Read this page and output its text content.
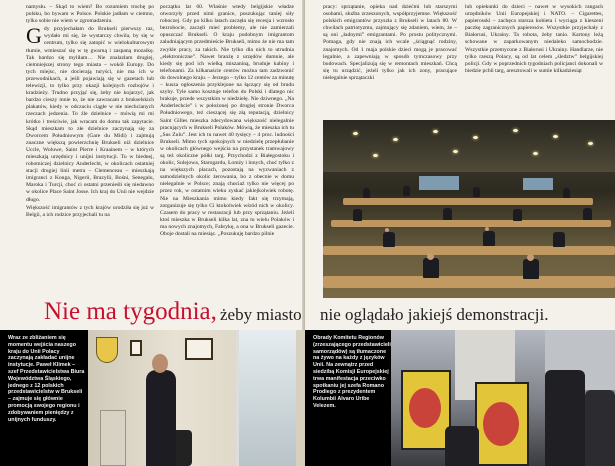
namysłu. – Skąd to wiem? Bo rozumiem trochę po polsku, bo bywam w Polsce. Polskie jadłam w ciemno, tylko sobie nie wiem w zgromadzeniu.

Gdy przyjechałam do Brukseli pierwszy raz, wydało mi się, że wystarczy chwila, by się w centrum, tylko się zatopić w wielokulturowym tłumie, wmieszać się w tę gwarną i zaspaną mozaikę. Tak bardzo się myliłam… Nie znalazłam drugiej, ciemniejszej strony tego miasta – wokół Europy. Do tych miejsc, nie docierają turyści, nie ma ich w przewodnikach, a jeśli pojawiają się w gazetach lub telewizji, to tylko przy okazji kolejnych rozbojów i kradzieży. Trudno przyjąć się, żeby nie kojarzyć, jak bardzo cieszy mnie to, że nie zawracam z brukselskich plakatów, kiedy w odczuciu ciągłe w nie niechcianych rzeczach jedzenia. To źle dzielnice – mówią mi mi krótko i treściwie, jak wracam do domu tak zapytacie. Skąd mieszkam to złe dzielnice zaczynają się za Dworcem Południowym (Gare du Midi) i zajmują znaczne większą powierzchnię Brukseli niż dzielnice Uccle, Woluwe, Saint Pierre i Kraainem – w których mieszkają urzędnicy i unijni instytucji. Tu w biednej, robotniczej dzielnicy Anderlecht, w okolicach ostatniej stacji drugiej linii metra – Clemenceau – mieszkają imigranci z Konga, Nigerii, Brazylii, Bośni, Senegalu, Maroka i Turcji, choć ci ostatni przenieśli się niedawno w okolice Place Saint Josse. Ich kraj do Unii nie wejdzie długo.

Większość imigrantów z tych krajów urodziła się już w Belgii, a ich rodzice przyjechali tu na

początku lat 60. Właśnie wtedy belgijskie władze otworzyły przed nimi granice, poszukując taniej siły roboczej. Gdy po kilku latach zaczęła się recesja i wzrosło bezrobocie, zaczęli mieć problemy, ale nie zamierzali opuszczać Brukseli. O kraju podobnym imigrantom zaludniającym przedmieście Brukseli, mimo że nie ma tam zwykle pracy, za takich. Nie tylko dla nich to utrudnia „elektroniczne”. Nawet branżę z urzędów dumnie, ale kiedy się pod ich wielką miszaniną, bruduje kabiny i telefonami. Za kilkanaście centów można tam zadzwonić do dowolnego kraju. – Jerzego – tylko 12 centów za minutę – kusza ogłoszenia przyklejone na łączący się od brudu szyby. Tyle samo kosztuje telefon do Polski i dlatego nic brakuje, przede wszystkim w niedzielę. Nie dziwnego. „Na Anderlechcie” i w położonej po drugiej stronie Dworca Południowego, też cieszącej się złą reputacją, dzielnicy Saint Gilles mieszka zdecydowana większość nielegalnie pracujących w Brukseli Polaków. Mówią, że mieszka ich tu „Sus Zulu”. Jest ich tu nawet 40 tysięcy – 4 proc. ludności Brukseli. Mimo tych spokojnych w niedzielę przepłubanie w okolicach głównego wejścia na przystanek tramwajowy są też okoliczne półki targ. Przychodzi z Białegostoku i okolic, Sulejowa, Starogardu, Łomży i innych, choć tylko z na większych placach, pozostają na wyzwaniach z samodzielnych okolic żerowania, bo z obecnie w domu nielegalnie w Polsce; znają chociaż tylko nie więcej po przez rok, w ostatnim wieku zyskać jakiejkolwiek robotę. Nie na Mieszkania mimo kiedy fakt się trzymają, zorganizuje się tylko Ci ktokolwiek wśród nich w okolicy. Czasem do pracy w restauracji lub przy sprzątaniu. Jeżeli ktoś mieszka w Brukseli kilka lat, zna tu wielu Polaków i ma nowych znajomych, Fabrykę, a ona w Brukseli gazecie. Oboje dostali na miesiąc. „Poszukuję bardzo pilnie

pracy: sprzątanie, opieka nad dziećmi lub starszymi osobami, służba zrzeszonych, współprzyjemne. Większość polskich emigrantów przyszła z Brukseli w latach 80. W chwilach patriotyzmu, zajmujący się zdaniem, wiem, że – są oni „ładnymi” emigrantami. Po prostu politycznymi. Pomaga, gdy nie znają ich wcale „ściągnąć rodziny, znajomych. Od 1 maja polskie dzieci mogą je pracować legalnie, a zapewniają w sposób tymczasowy przy budowach. Specjalizują się w remontach mieszkań. Chcą się tu urządzić, jeżeli tylko jak ich zony, pracujące nielegalnie sprzątaczki

lub opiekunki do dzieci – nawet w wysokich rangach urzędników Unii Europejskiej i NATO. – Cigarettes, papierosski – zachęca starsza kobieta i wyciąga z kieszeni paczkę zagranicznych papierosów. Wszystkie przyjechały z Białorusi, Ukrainy. Ta robota, żeby tanio. Kartony leżą schowane w zaparkowanym niedaleko samochodzie. Wszystkie przemycone z Białorusi i Ukrainy. Handlarze, nie tylko rzeszą Polacy, są od lat celem „śledztw” belgijskiej policji. Gdy w poprzednich tygodniach policjanci dokonali w biedzie pchli targ, aresztowali w sumie kilkadziesiąt

Nie ma tygodnia, żeby miasto nie oglądało jakiejś demonstracji.
Wraz ze zbliżaniem się momentu wejścia naszego kraju do Unii Polacy zaczynają zakładać unijne instytucje. Paweł Klimek – szef Przedstawicielstwa Biura Województwa Śląskiego, jednego z 12 polskich przedstawicielstw w Brukseli – zajmuje się głównie promocją swojego regionu i zdobywaniem pieniędzy z unijnych funduszy.
Obrady Komitetu Regionów (zrzeszającego przedstawicieli samorządów) są tłumaczone na żywo na każdy z języków Unii. Na zewnątrz przed siedzibą Komisji Europejskiej trwa manifestacja przeciwko spotkaniu jej szefa Romano Prodiego z prezydentem Kolumbii Alvaro Uribe Velezem.
